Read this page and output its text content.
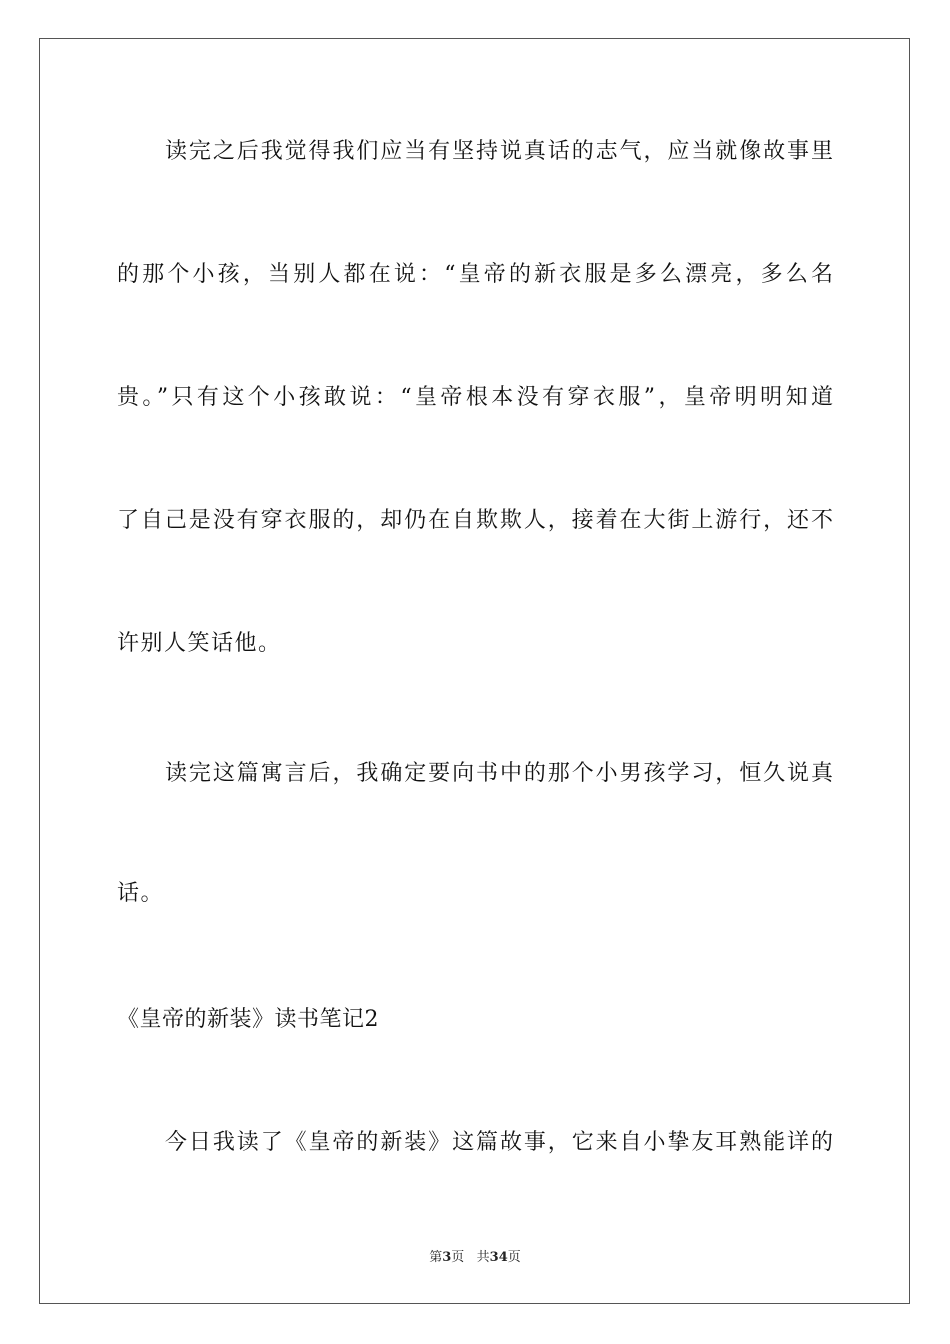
读完之后我觉得我们应当有坚持说真话的志气，应当就像故事里
的那个小孩，当别人都在说：“皇帝的新衣服是多么漂亮，多么名
贵。”只有这个小孩敢说：“皇帝根本没有穿衣服”，皇帝明明知道
了自己是没有穿衣服的，却仍在自欺欺人，接着在大街上游行，还不
许别人笑话他。
读完这篇寓言后，我确定要向书中的那个小男孩学习，恒久说真
话。
《皇帝的新装》读书笔记2
今日我读了《皇帝的新装》这篇故事，它来自小挚友耳熟能详的
第3页   共34页
